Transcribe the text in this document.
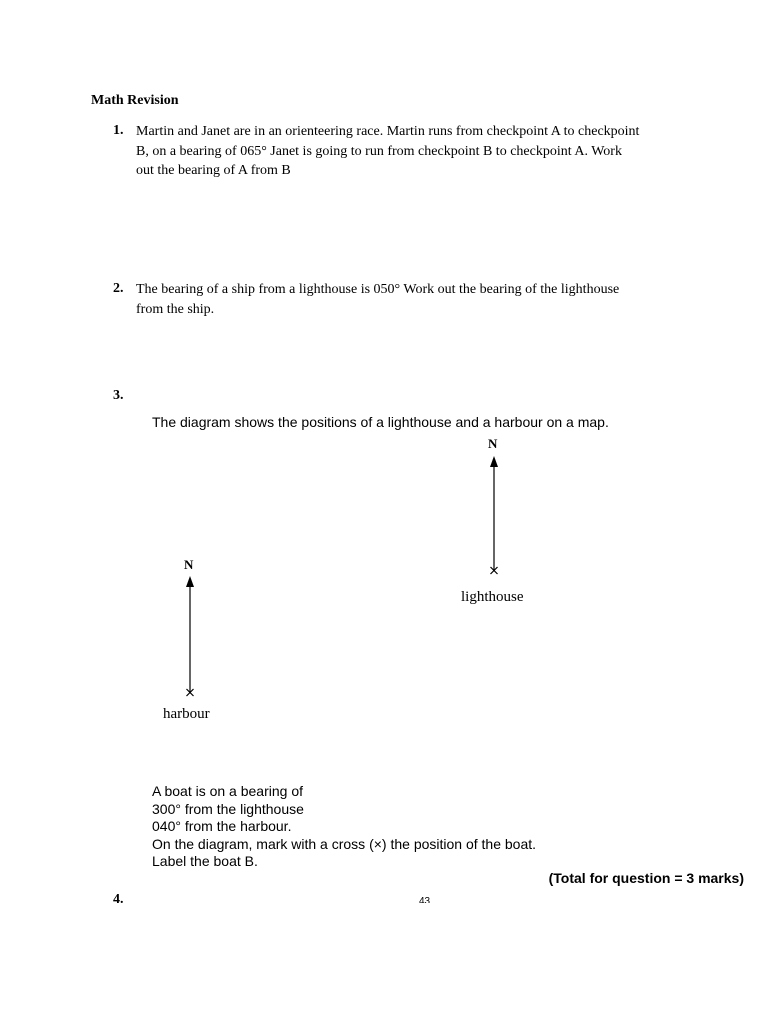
Math Revision
1. Martin and Janet are in an orienteering race. Martin runs from checkpoint A to checkpoint
B, on a bearing of 065° Janet is going to run from checkpoint B to checkpoint A. Work
out the bearing of A from B
2. The bearing of a ship from a lighthouse is 050° Work out the bearing of the lighthouse
from the ship.
3.
The diagram shows the positions of a lighthouse and a harbour on a map.
N
N
lighthouse
harbour
A boat is on a bearing of
300° from the lighthouse
040° from the harbour.
On the diagram, mark with a cross (×) the position of the boat.
Label the boat B.
(Total for question = 3 marks)
4.	43
